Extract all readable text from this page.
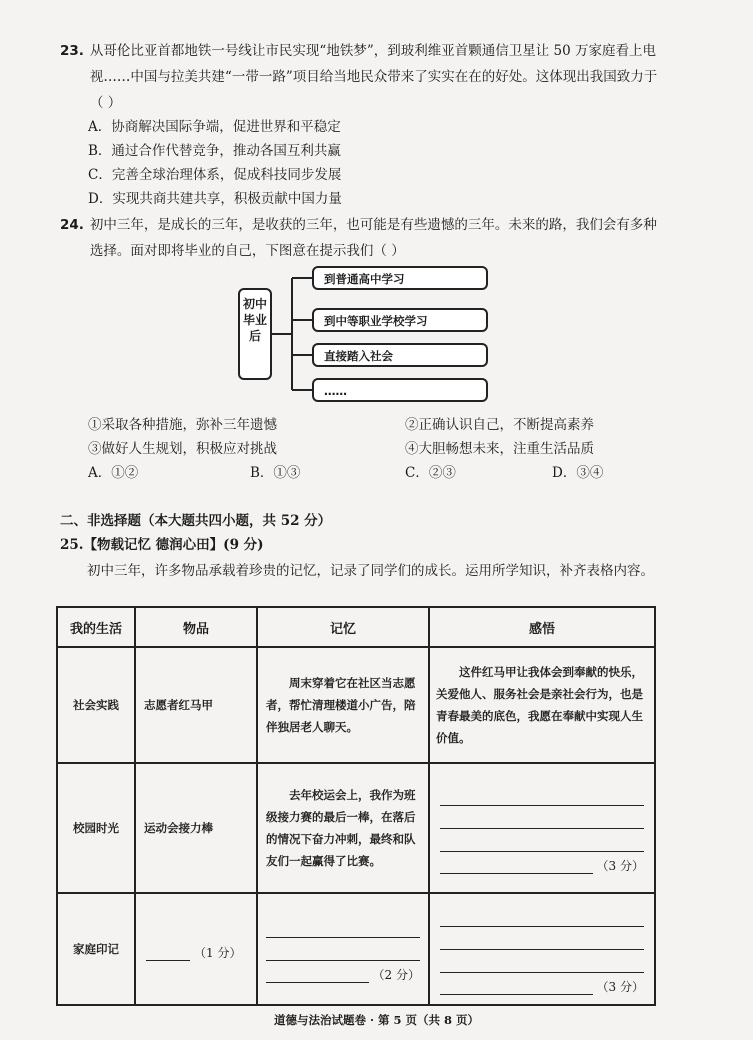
23. 从哥伦比亚首都地铁一号线让市民实现“地铁梦”，到玻利维亚首颗通信卫星让 50 万家庭看上电视……中国与拉美共建“一带一路”项目给当地民众带来了实实在在的好处。这体现出我国致力于（ ）
A．协商解决国际争端，促进世界和平稳定
B．通过合作代替竞争，推动各国互利共赢
C．完善全球治理体系，促成科技同步发展
D．实现共商共建共享，积极贡献中国力量
24. 初中三年，是成长的三年，是收获的三年，也可能是有些遗憾的三年。未来的路，我们会有多种选择。面对即将毕业的自己，下图意在提示我们（ ）
初中毕业后
到普通高中学习
到中等职业学校学习
直接踏入社会
……
①采取各种措施，弥补三年遗憾	②正确认识自己，不断提高素养
③做好人生规划，积极应对挑战	④大胆畅想未来，注重生活品质
A．①②	B．①③	C．②③	D．③④
二、非选择题（本大题共四小题，共 52 分）
25.【物载记忆 德润心田】(9 分)
初中三年，许多物品承载着珍贵的记忆，记录了同学们的成长。运用所学知识，补齐表格内容。
我的生活	物品	记忆	感悟
社会实践	志愿者红马甲	周末穿着它在社区当志愿者，帮忙清理楼道小广告，陪伴独居老人聊天。	这件红马甲让我体会到奉献的快乐，关爱他人、服务社会是亲社会行为，也是青春最美的底色，我愿在奉献中实现人生价值。
校园时光	运动会接力棒	去年校运会上，我作为班级接力赛的最后一棒，在落后的情况下奋力冲刺，最终和队友们一起赢得了比赛。	（3 分）

家庭印记	（1 分）	（2 分）	（3 分）
道德与法治试题卷 · 第 5 页（共 8 页）
